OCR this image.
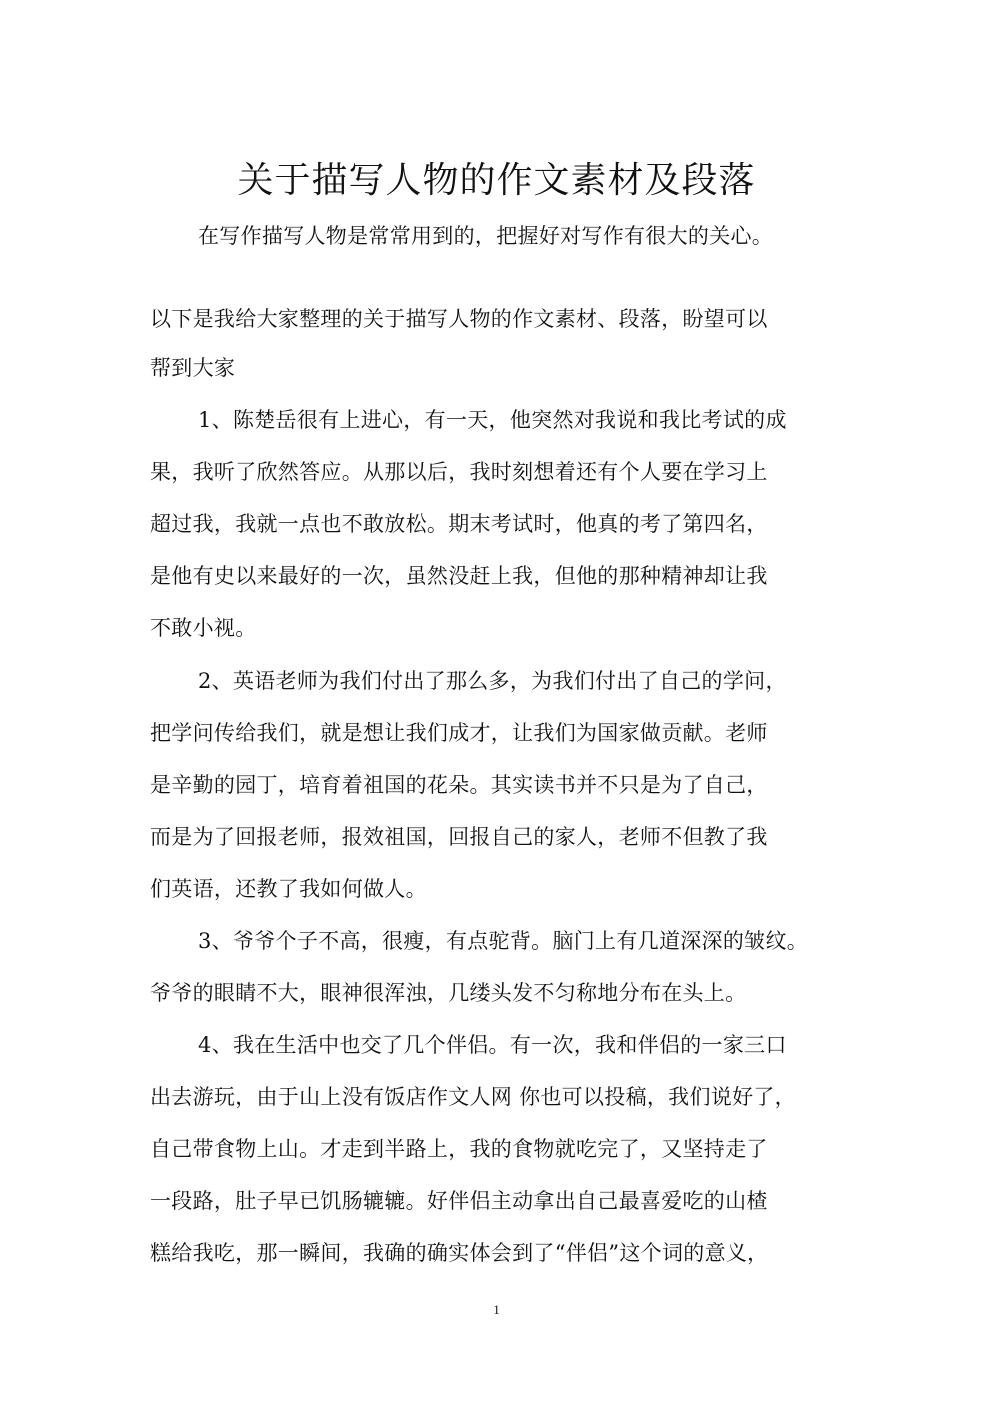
关于描写人物的作文素材及段落
在写作描写人物是常常用到的，把握好对写作有很大的关心。
以下是我给大家整理的关于描写人物的作文素材、段落，盼望可以
帮到大家
1、陈楚岳很有上进心，有一天，他突然对我说和我比考试的成
果，我听了欣然答应。从那以后，我时刻想着还有个人要在学习上
超过我，我就一点也不敢放松。期末考试时，他真的考了第四名，
是他有史以来最好的一次，虽然没赶上我，但他的那种精神却让我
不敢小视。
2、英语老师为我们付出了那么多，为我们付出了自己的学问，
把学问传给我们，就是想让我们成才，让我们为国家做贡献。老师
是辛勤的园丁，培育着祖国的花朵。其实读书并不只是为了自己，
而是为了回报老师，报效祖国，回报自己的家人，老师不但教了我
们英语，还教了我如何做人。
3、爷爷个子不高，很瘦，有点驼背。脑门上有几道深深的皱纹。
爷爷的眼睛不大，眼神很浑浊，几缕头发不匀称地分布在头上。
4、我在生活中也交了几个伴侣。有一次，我和伴侣的一家三口
出去游玩，由于山上没有饭店作文人网 你也可以投稿，我们说好了，
自己带食物上山。才走到半路上，我的食物就吃完了，又坚持走了
一段路，肚子早已饥肠辘辘。好伴侣主动拿出自己最喜爱吃的山楂
糕给我吃，那一瞬间，我确的确实体会到了“伴侣”这个词的意义，
1
